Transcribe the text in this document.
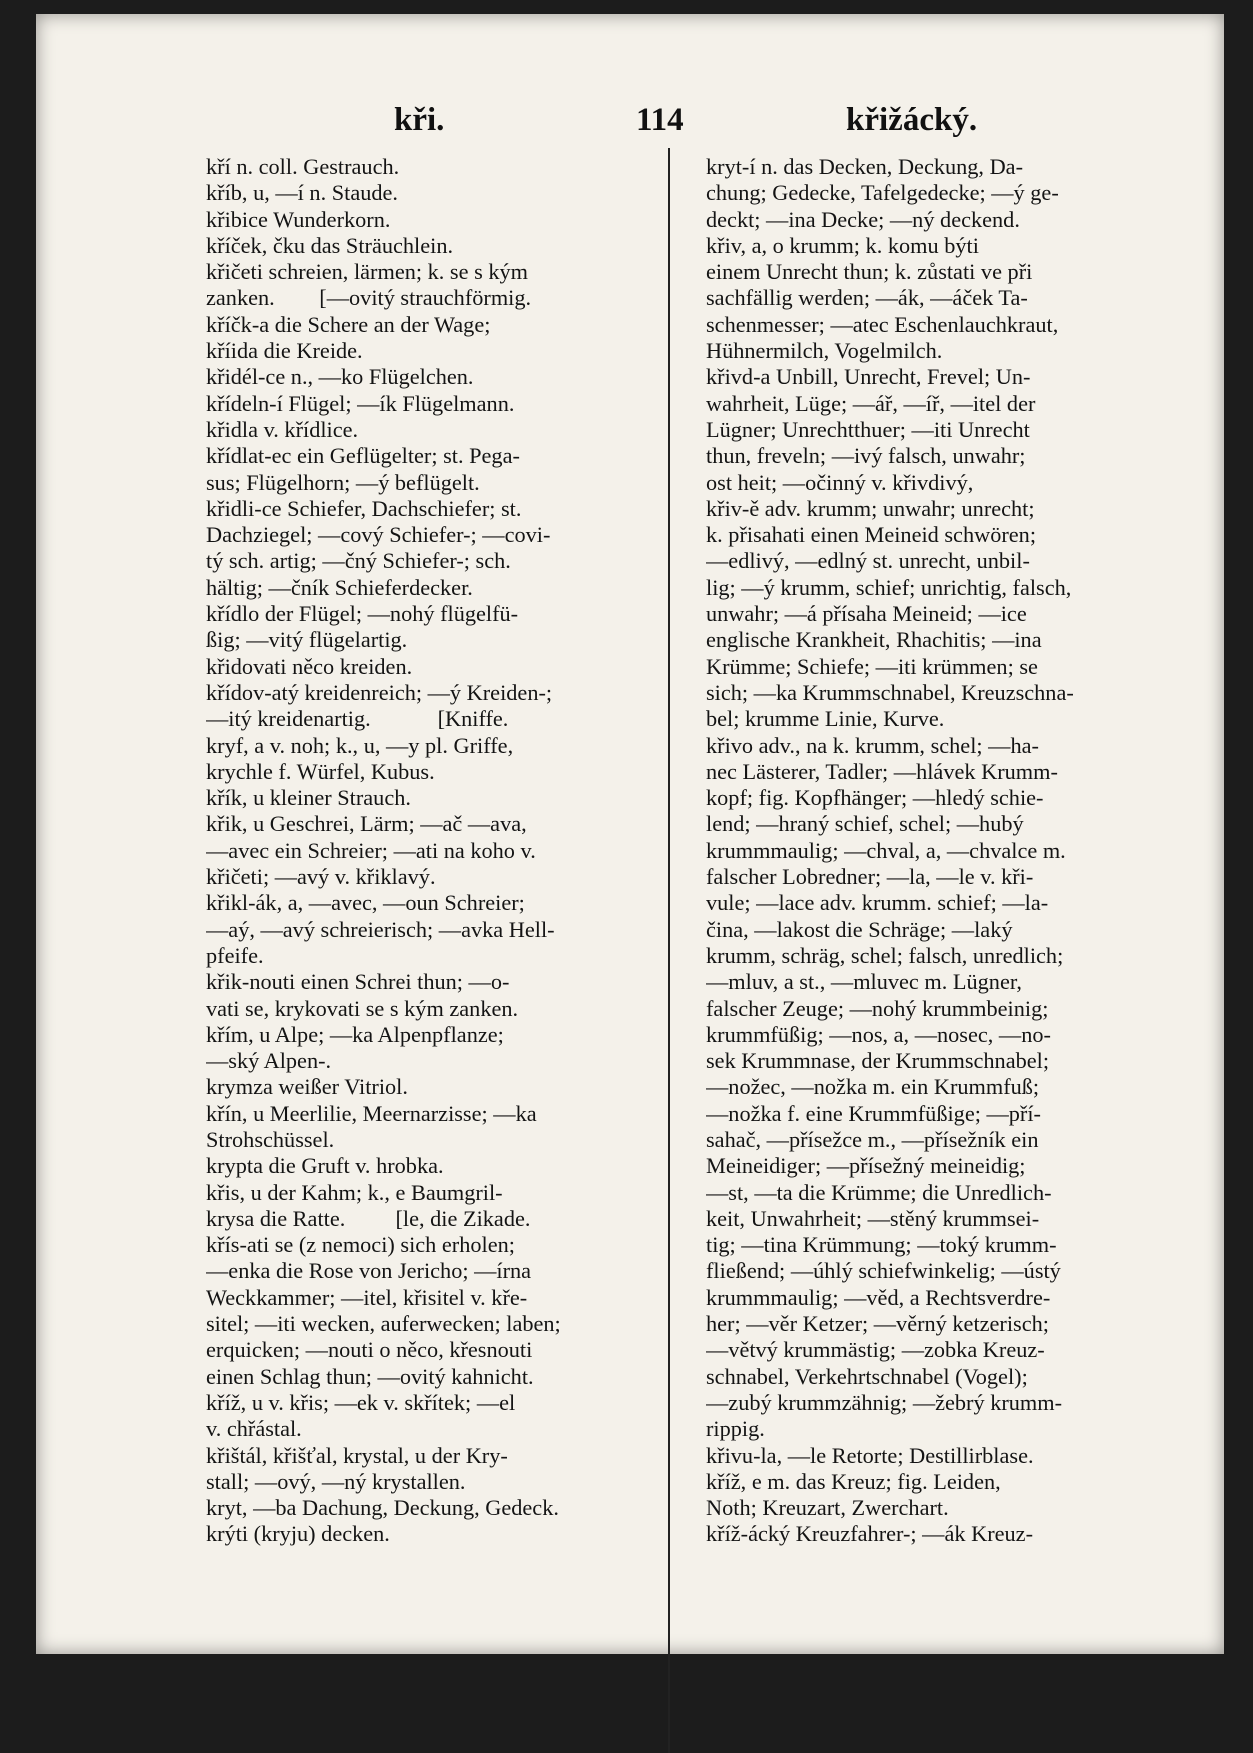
kři.	114	křižácký.
kří n. coll. Gestrauch.
kříb, u, —í n. Staude.
křibice Wunderkorn.
kříček, čku das Sträuchlein.
křičeti schreien, lärmen; k. se s kým
zanken.        [—ovitý strauchförmig.
kříčk-a die Schere an der Wage;
kříida die Kreide.
křidél-ce n., —ko Flügelchen.
křídeln-í Flügel; —ík Flügelmann.
křidla v. křídlice.
křídlat-ec ein Geflügelter; st. Pega-
sus; Flügelhorn; —ý beflügelt.
křidli-ce Schiefer, Dachschiefer; st.
Dachziegel; —cový Schiefer-; —covi-
tý sch. artig; —čný Schiefer-; sch.
hältig; —čník Schieferdecker.
křídlo der Flügel; —nohý flügelfü-
ßig; —vitý flügelartig.
křidovati něco kreiden.
křídov-atý kreidenreich; —ý Kreiden-;
—itý kreidenartig.            [Kniffe.
kryf, a v. noh; k., u, —y pl. Griffe,
krychle f. Würfel, Kubus.
křík, u kleiner Strauch.
křik, u Geschrei, Lärm; —ač —ava,
—avec ein Schreier; —ati na koho v.
křičeti; —avý v. křiklavý.
křikl-ák, a, —avec, —oun Schreier;
—aý, —avý schreierisch; —avka Hell-
pfeife.
křik-nouti einen Schrei thun; —o-
vati se, krykovati se s kým zanken.
křím, u Alpe; —ka Alpenpflanze;
—ský Alpen-.
krymza weißer Vitriol.
křín, u Meerlilie, Meernarzisse; —ka
Strohschüssel.
krypta die Gruft v. hrobka.
křis, u der Kahm; k., e Baumgril-
krysa die Ratte.         [le, die Zikade.
křís-ati se (z nemoci) sich erholen;
—enka die Rose von Jericho; —írna
Weckkammer; —itel, křisitel v. kře-
sitel; —iti wecken, auferwecken; laben;
erquicken; —nouti o něco, křesnouti
einen Schlag thun; —ovitý kahnicht.
kříž, u v. křis; —ek v. skřítek; —el
v. chřástal.
křištál, křišťal, krystal, u der Kry-
stall; —ový, —ný krystallen.
kryt, —ba Dachung, Deckung, Gedeck.
krýti (kryju) decken.
kryt-í n. das Decken, Deckung, Da-
chung; Gedecke, Tafelgedecke; —ý ge-
deckt; —ina Decke; —ný deckend.
křiv, a, o krumm; k. komu býti
einem Unrecht thun; k. zůstati ve při
sachfällig werden; —ák, —áček Ta-
schenmesser; —atec Eschenlauchkraut,
Hühnermilch, Vogelmilch.
křivd-a Unbill, Unrecht, Frevel; Un-
wahrheit, Lüge; —ář, —íř, —itel der
Lügner; Unrechtthuer; —iti Unrecht
thun, freveln; —ivý falsch, unwahr;
ost heit; —očinný v. křivdivý,
křiv-ě adv. krumm; unwahr; unrecht;
k. přisahati einen Meineid schwören;
—edlivý, —edlný st. unrecht, unbil-
lig; —ý krumm, schief; unrichtig, falsch,
unwahr; —á přísaha Meineid; —ice
englische Krankheit, Rhachitis; —ina
Krümme; Schiefe; —iti krümmen; se
sich; —ka Krummschnabel, Kreuzschna-
bel; krumme Linie, Kurve.
křivo adv., na k. krumm, schel; —ha-
nec Lästerer, Tadler; —hlávek Krumm-
kopf; fig. Kopfhänger; —hledý schie-
lend; —hraný schief, schel; —hubý
krummmaulig; —chval, a, —chvalce m.
falscher Lobredner; —la, —le v. kři-
vule; —lace adv. krumm. schief; —la-
čina, —lakost die Schräge; —laký
krumm, schräg, schel; falsch, unredlich;
—mluv, a st., —mluvec m. Lügner,
falscher Zeuge; —nohý krummbeinig;
krummfüßig; —nos, a, —nosec, —no-
sek Krummnase, der Krummschnabel;
—nožec, —nožka m. ein Krummfuß;
—nožka f. eine Krummfüßige; —pří-
sahač, —přísežce m., —přísežník ein
Meineidiger; —přísežný meineidig;
—st, —ta die Krümme; die Unredlich-
keit, Unwahrheit; —stěný krummsei-
tig; —tina Krümmung; —toký krumm-
fließend; —úhlý schiefwinkelig; —ústý
krummmaulig; —věd, a Rechtsverdre-
her; —věr Ketzer; —věrný ketzerisch;
—větvý krummästig; —zobka Kreuz-
schnabel, Verkehrtschnabel (Vogel);
—zubý krummzähnig; —žebrý krumm-
rippig.
křivu-la, —le Retorte; Destillirblase.
kříž, e m. das Kreuz; fig. Leiden,
Noth; Kreuzart, Zwerchart.
kříž-ácký Kreuzfahrer-; —ák Kreuz-
